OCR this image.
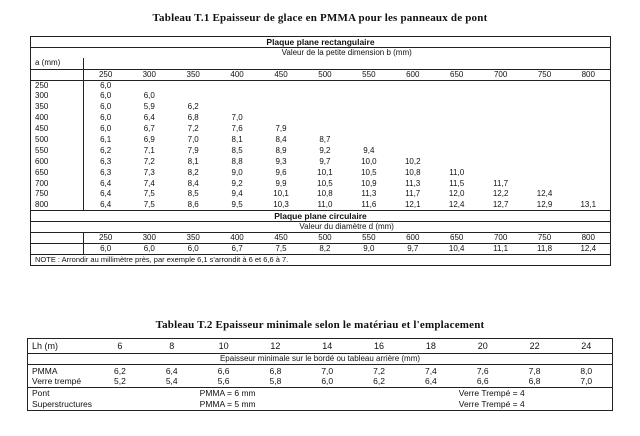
Tableau T.1 Epaisseur de glace en PMMA pour les panneaux de pont
Plaque plane rectangulaire												
	Valeur de la petite dimension b (mm)											
a (mm)												
	250	300	350	400	450	500	550	600	650	700	750	800
250	6,0											
300	6,0	6,0										
350	6,0	5,9	6,2									
400	6,0	6,4	6,8	7,0								
450	6,0	6,7	7,2	7,6	7,9							
500	6,1	6,9	7,0	8,1	8,4	8,7						
550	6,2	7,1	7,9	8,5	8,9	9,2	9,4					
600	6,3	7,2	8,1	8,8	9,3	9,7	10,0	10,2				
650	6,3	7,3	8,2	9,0	9,6	10,1	10,5	10,8	11,0			
700	6,4	7,4	8,4	9,2	9,9	10,5	10,9	11,3	11,5	11,7		
750	6,4	7,5	8,5	9,4	10,1	10,8	11,3	11,7	12,0	12,2	12,4	
800	6,4	7,5	8,6	9,5	10,3	11,0	11,6	12,1	12,4	12,7	12,9	13,1
Plaque plane circulaire												
	Valeur du diamètre d (mm)											
	250	300	350	400	450	500	550	600	650	700	750	800
	6,0	6,0	6,0	6,7	7,5	8,2	9,0	9,7	10,4	11,1	11,8	12,4
NOTE : Arrondir au millimètre près, par exemple 6,1 s'arrondit à 6 et 6,6 à 7.												
Tableau T.2 Epaisseur minimale selon le matériau et l'emplacement
Lh (m)	6	8	10	12	14	16	18	20	22	24
Epaisseur minimale sur le bordé ou tableau arrière (mm)										
PMMA	6,2	6,4	6,6	6,8	7,0	7,2	7,4	7,6	7,8	8,0
Verre trempé	5,2	5,4	5,6	5,8	6,0	6,2	6,4	6,6	6,8	7,0
Pont			PMMA = 6 mm					Verre Trempé = 4		
Superstructures			PMMA = 5 mm					Verre Trempé = 4		
